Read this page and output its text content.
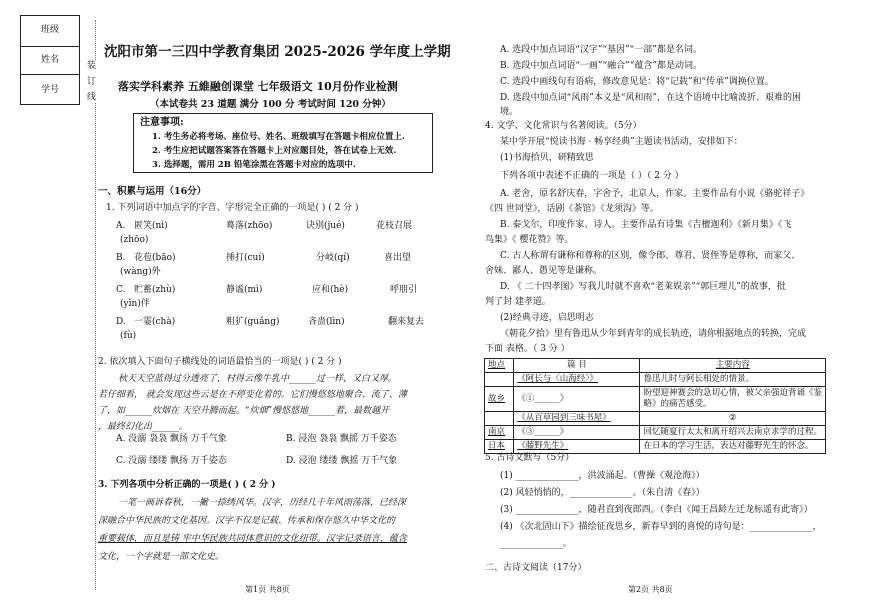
班级
姓名
学号	装 订 线
沈阳市第一三四中学教育集团 2025-2026 学年度上学期
落实学科素养 五維融创课堂 七年级语文 10月份作业检测
（本试卷共 23 道题 满分 100 分 考试时间 120 分钟）
注意事项:
1. 考生务必将考场、座位号、姓名、班级填写在答题卡相应位置上.
2. 考生应把试题答案答在答题卡上对应题目处，答在试卷上无效.
3. 选择题，需用 2B 铅笔涂黑在答题卡对应的选项中.
一、积累与运用（16分）
1. 下列词语中加点字的字音、字形完全正确的一项是( ) ( 2 分 )
A. 匿笑(nì)	蓦落(zhōo)	诀别(jué)	花枝召展
(zhōo)
B. 花苞(bāo)	捶打(cuí)	分岐(qí)	喜出望
(wàng)外
C. 贮蓄(zhù)	静谧(mì)	应和(hè)	呼朋引
(yǐn)伴
D. 一霎(chà)	粗犷(guǎng)	吝啬(lìn)	翻来复去
(fù)
2. 依次填入下面句子横线处的词语最恰当的一项是( ) ( 2 分 )
秋天天空蓝得过分透亮了，村得云像牛乳中______过一样，又白又厚。
若仔细看， 就会发现这些云是在不停变化着的。它们慢悠悠地聚合、流了、薄
了，如______炊烟在 天空升腾而起。“炊烟”慢悠悠地______着，最数越开
，最终幻化出______。
A. 没溺 袅袅 飘扬 万千气象	B. 浸泡 袅袅 飘摇 万千姿态
C. 没溺 缕缕 飘扬 万千姿态	D. 浸泡 缕缕 飘摇 万千气象
3. 下列各项中分析正确的一项是( ) ( 2 分 )
一笔一画诉春秋，一撇一捺绣风华。汉字，历经几千年风雨荡落，已经深
深融合中华民族的文化基因。汉字不仅是记载、传承和保存悠久中华文化的
重要载体，而且是铸 牢中华民族共同体意识的文化纽带。汉字记录语言，蕴含
文化，一个字就是一部文化史。
第1页 共8页
A. 选段中加点词语“汉字”“基因”“一部”都是名词。
B. 选段中加点词语“一画”“融合”“蕴含”都是动词。
C. 选段中画线句有语病，修改意见是：将“记载”和“传承”调换位置。
D. 选段中加点词“风雨”本义是“风和雨”，在这个语境中比喻波折、艰难的困
境。
4. 文学、文化常识与名著阅读。（5分）
某中学开展“悦读书海 · 畅享经典”主题读书活动，安排如下：
(1)书海拾贝，研精致思
下列各项中表述不正确的一项是（ ）（ 2 分 ）
A. 老舍，原名舒庆春，字舍予，北京人，作家。主要作品有小说《骆驼祥子》
《四 世同堂》，话剧《茶馆》《龙须沟》等。
B. 泰戈尔，印度作家、诗人。主要作品有诗集《吉檀迦利》《新月集》《飞
鸟集》《 樱花赞》等。
C. 古人称谓有谦称和尊称的区别，像令郎、尊君、贤侄等是尊称，而家父、
舍妹、鄙人、愚见等是谦称。
D. 《 二十四孝图》写我儿时就不喜欢“老莱娱亲”“郭巨埋儿”的故事，批
判了封 建孝道。
(2)经典寻迹，启思明志
《朝花夕拾》里有鲁迅从少年到青年的成长轨迹，请你根据地点的转换，完成
下面 表格。（ 3 分 ）
地点	篇 目	主要内容
	《阿长与〈山海经〉》	鲁迅儿时与阿长相处的情景。
故乡	《①______》	盼望迎神赛会的急切心情，被父亲强迫背诵《鉴略》的痛苦感受。
	《从百草园到三味书屋》	②
南京	《③______》	回忆随夏行太太和离开绍兴去南京求学的过程。
日本	《藤野先生》	在日本的学习生活，表达对藤野先生的怀念。
5. 古诗文默写（5分）
(1) ______________，洪波涌起。（曹操《观沧海》）
(2) 风轻悄悄的，______________。（朱自清《春》）
(3) ______________，随君直到夜郎西。（李白《闻王昌龄左迁龙标遥有此寄》）
(4) 《次北固山下》描绘征夜思乡，新春早到的喜悦的诗句是：______________，
______________。
二、古诗文阅读（17分）
第2页 共8页
